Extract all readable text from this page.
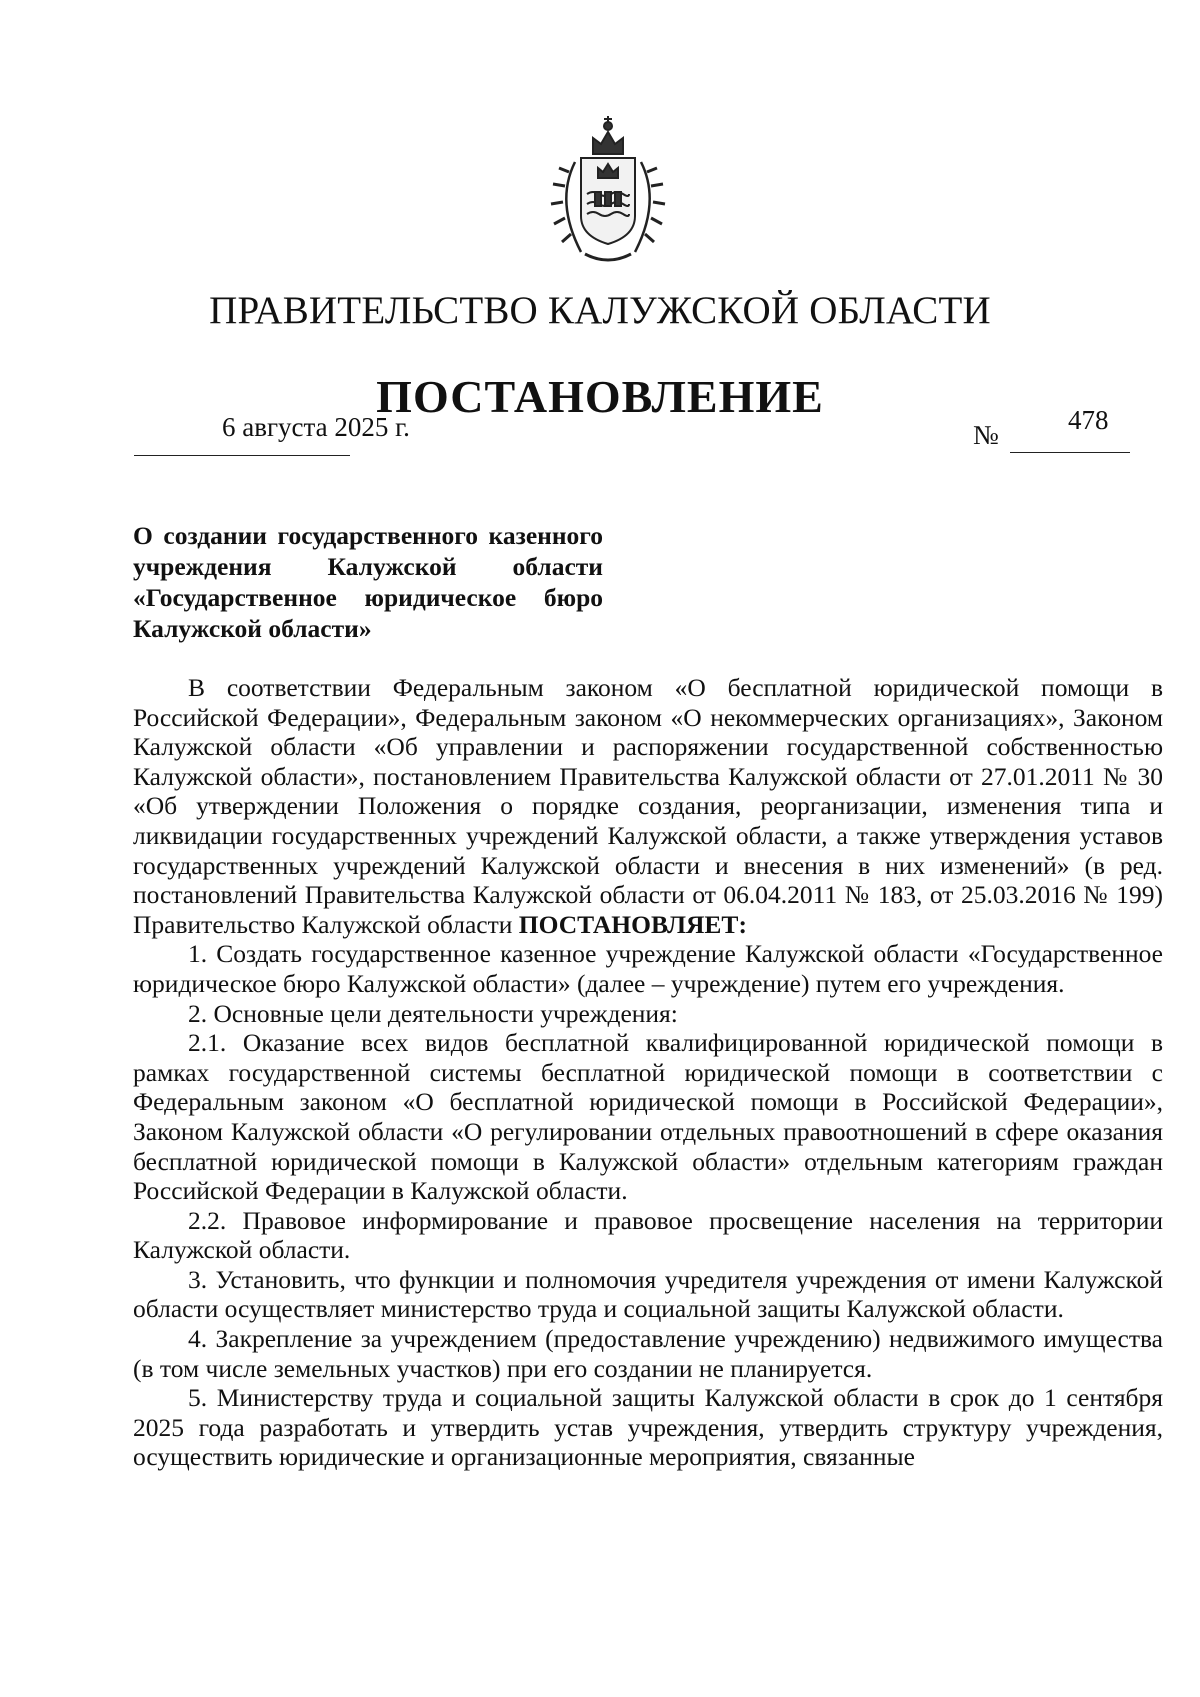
ПРАВИТЕЛЬСТВО КАЛУЖСКОЙ ОБЛАСТИ
ПОСТАНОВЛЕНИЕ
6 августа 2025 г.	№	478
О создании государственного казенного учреждения Калужской области «Государственное юридическое бюро Калужской области»

В соответствии Федеральным законом «О бесплатной юридической помощи в Российской Федерации», Федеральным законом «О некоммерческих организациях», Законом Калужской области «Об управлении и распоряжении государственной собственностью Калужской области», постановлением Правительства Калужской области от 27.01.2011 № 30 «Об утверждении Положения о порядке создания, реорганизации, изменения типа и ликвидации государственных учреждений Калужской области, а также утверждения уставов государственных учреждений Калужской области и внесения в них изменений» (в ред. постановлений Правительства Калужской области от 06.04.2011 № 183, от 25.03.2016 № 199) Правительство Калужской области ПОСТАНОВЛЯЕТ:

1. Создать государственное казенное учреждение Калужской области «Государственное юридическое бюро Калужской области» (далее – учреждение) путем его учреждения.

2. Основные цели деятельности учреждения:

2.1. Оказание всех видов бесплатной квалифицированной юридической помощи в рамках государственной системы бесплатной юридической помощи в соответствии с Федеральным законом «О бесплатной юридической помощи в Российской Федерации», Законом Калужской области «О регулировании отдельных правоотношений в сфере оказания бесплатной юридической помощи в Калужской области» отдельным категориям граждан Российской Федерации в Калужской области.

2.2. Правовое информирование и правовое просвещение населения на территории Калужской области.

3. Установить, что функции и полномочия учредителя учреждения от имени Калужской области осуществляет министерство труда и социальной защиты Калужской области.

4. Закрепление за учреждением (предоставление учреждению) недвижимого имущества (в том числе земельных участков) при его создании не планируется.

5. Министерству труда и социальной защиты Калужской области в срок до 1 сентября 2025 года разработать и утвердить устав учреждения, утвердить структуру учреждения, осуществить юридические и организационные мероприятия, связанные
